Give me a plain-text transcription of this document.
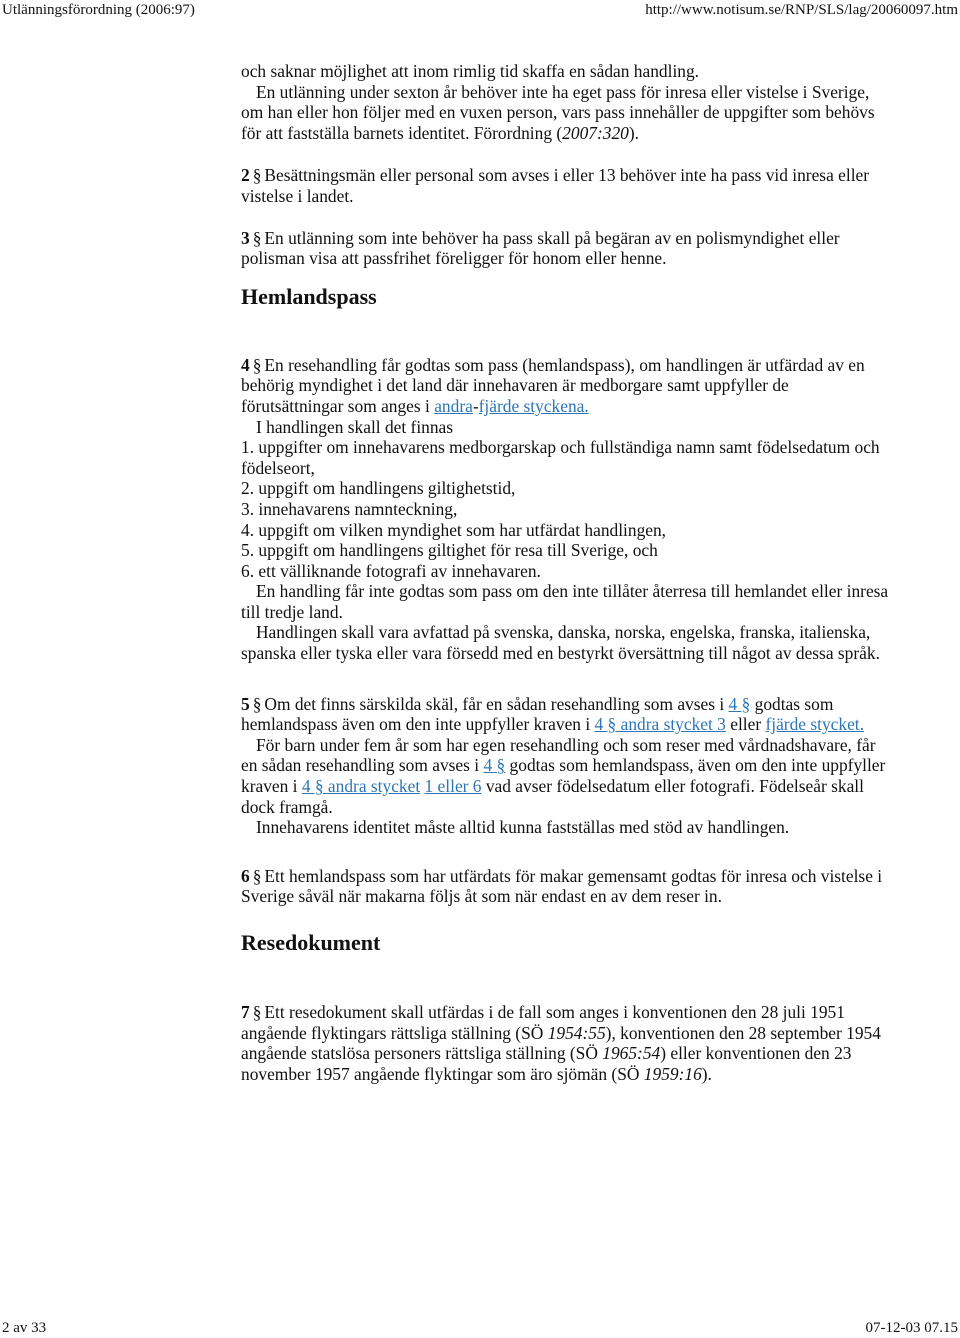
Utlänningsförordning (2006:97)	http://www.notisum.se/RNP/SLS/lag/20060097.htm

och saknar möjlighet att inom rimlig tid skaffa en sådan handling.

En utlänning under sexton år behöver inte ha eget pass för inresa eller vistelse i Sverige, om han eller hon följer med en vuxen person, vars pass innehåller de uppgifter som behövs för att fastställa barnets identitet. Förordning (2007:320).

2 § Besättningsmän eller personal som avses i eller 13 behöver inte ha pass vid inresa eller vistelse i landet.

3 § En utlänning som inte behöver ha pass skall på begäran av en polismyndighet eller polisman visa att passfrihet föreligger för honom eller henne.

Hemlandspass

4 § En resehandling får godtas som pass (hemlandspass), om handlingen är utfärdad av en behörig myndighet i det land där innehavaren är medborgare samt uppfyller de förutsättningar som anges i andra-fjärde styckena.

I handlingen skall det finnas

1. uppgifter om innehavarens medborgarskap och fullständiga namn samt födelsedatum och födelseort,

2. uppgift om handlingens giltighetstid,

3. innehavarens namnteckning,

4. uppgift om vilken myndighet som har utfärdat handlingen,

5. uppgift om handlingens giltighet för resa till Sverige, och

6. ett välliknande fotografi av innehavaren.

En handling får inte godtas som pass om den inte tillåter återresa till hemlandet eller inresa till tredje land.

Handlingen skall vara avfattad på svenska, danska, norska, engelska, franska, italienska, spanska eller tyska eller vara försedd med en bestyrkt översättning till något av dessa språk.

5 § Om det finns särskilda skäl, får en sådan resehandling som avses i 4 § godtas som hemlandspass även om den inte uppfyller kraven i 4 § andra stycket 3 eller fjärde stycket.

För barn under fem år som har egen resehandling och som reser med vårdnadshavare, får en sådan resehandling som avses i 4 § godtas som hemlandspass, även om den inte uppfyller kraven i 4 § andra stycket 1 eller 6 vad avser födelsedatum eller fotografi. Födelseår skall dock framgå.

Innehavarens identitet måste alltid kunna fastställas med stöd av handlingen.

6 § Ett hemlandspass som har utfärdats för makar gemensamt godtas för inresa och vistelse i Sverige såväl när makarna följs åt som när endast en av dem reser in.

Resedokument

7 § Ett resedokument skall utfärdas i de fall som anges i konventionen den 28 juli 1951 angående flyktingars rättsliga ställning (SÖ 1954:55), konventionen den 28 september 1954 angående statslösa personers rättsliga ställning (SÖ 1965:54) eller konventionen den 23 november 1957 angående flyktingar som äro sjömän (SÖ 1959:16).

2 av 33	07-12-03 07.15
